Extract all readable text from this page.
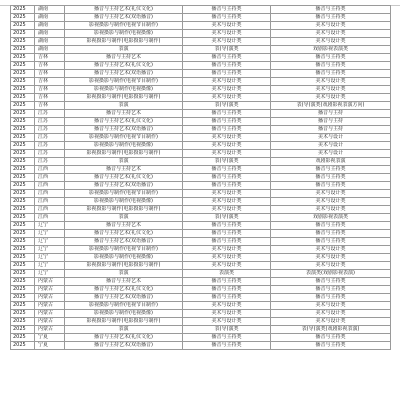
2025	湖南	播音与主持艺术(礼仪文化)	播音与主持类	播音与主持类
2025	湖南	播音与主持艺术(双语播音)	播音与主持类	播音与主持类
2025	湖南	影视摄影与制作(电视节目制作)	美术与设计类	美术与设计类
2025	湖南	影视摄影与制作(电视摄像)	美术与设计类	美术与设计类
2025	湖南	影视摄影与制作(电影摄影与制作)	美术与设计类	美术与设计类
2025	湖南	表演	表(导)演类	戏剧影视表演类
2025	吉林	播音与主持艺术	播音与主持类	播音与主持类
2025	吉林	播音与主持艺术(礼仪文化)	播音与主持类	播音与主持类
2025	吉林	播音与主持艺术(双语播音)	播音与主持类	播音与主持类
2025	吉林	影视摄影与制作(电视节目制作)	美术与设计类	美术与设计类
2025	吉林	影视摄影与制作(电视摄像)	美术与设计类	美术与设计类
2025	吉林	影视摄影与制作(电影摄影与制作)	美术与设计类	美术与设计类
2025	吉林	表演	表(导)演类	表(导)演类(戏剧影视表演方向)
2025	江苏	播音与主持艺术	播音与主持类	播音与主持
2025	江苏	播音与主持艺术(礼仪文化)	播音与主持类	播音与主持
2025	江苏	播音与主持艺术(双语播音)	播音与主持类	播音与主持
2025	江苏	影视摄影与制作(电视节目制作)	美术与设计类	美术与设计
2025	江苏	影视摄影与制作(电视摄像)	美术与设计类	美术与设计
2025	江苏	影视摄影与制作(电影摄影与制作)	美术与设计类	美术与设计
2025	江苏	表演	表(导)演类	戏剧影视表演
2025	江西	播音与主持艺术	播音与主持类	播音与主持类
2025	江西	播音与主持艺术(礼仪文化)	播音与主持类	播音与主持类
2025	江西	播音与主持艺术(双语播音)	播音与主持类	播音与主持类
2025	江西	影视摄影与制作(电视节目制作)	美术与设计类	美术与设计类
2025	江西	影视摄影与制作(电视摄像)	美术与设计类	美术与设计类
2025	江西	影视摄影与制作(电影摄影与制作)	美术与设计类	美术与设计类
2025	江西	表演	表(导)演类	戏剧影视表演类
2025	辽宁	播音与主持艺术	播音与主持类	播音与主持类
2025	辽宁	播音与主持艺术(礼仪文化)	播音与主持类	播音与主持类
2025	辽宁	播音与主持艺术(双语播音)	播音与主持类	播音与主持类
2025	辽宁	影视摄影与制作(电视节目制作)	美术与设计类	美术与设计类
2025	辽宁	影视摄影与制作(电视摄像)	美术与设计类	美术与设计类
2025	辽宁	影视摄影与制作(电影摄影与制作)	美术与设计类	美术与设计类
2025	辽宁	表演	表演类	表演类(戏剧影视表演)
2025	内蒙古	播音与主持艺术	播音与主持类	播音与主持类
2025	内蒙古	播音与主持艺术(礼仪文化)	播音与主持类	播音与主持类
2025	内蒙古	播音与主持艺术(双语播音)	播音与主持类	播音与主持类
2025	内蒙古	影视摄影与制作(电视节目制作)	美术与设计类	美术与设计类
2025	内蒙古	影视摄影与制作(电视摄像)	美术与设计类	美术与设计类
2025	内蒙古	影视摄影与制作(电影摄影与制作)	美术与设计类	美术与设计类
2025	内蒙古	表演	表(导)演类	表(导)演类(戏剧影视表演)
2025	宁夏	播音与主持艺术(礼仪文化)	播音与主持类	播音与主持类
2025	宁夏	播音与主持艺术(双语播音)	播音与主持类	播音与主持类
